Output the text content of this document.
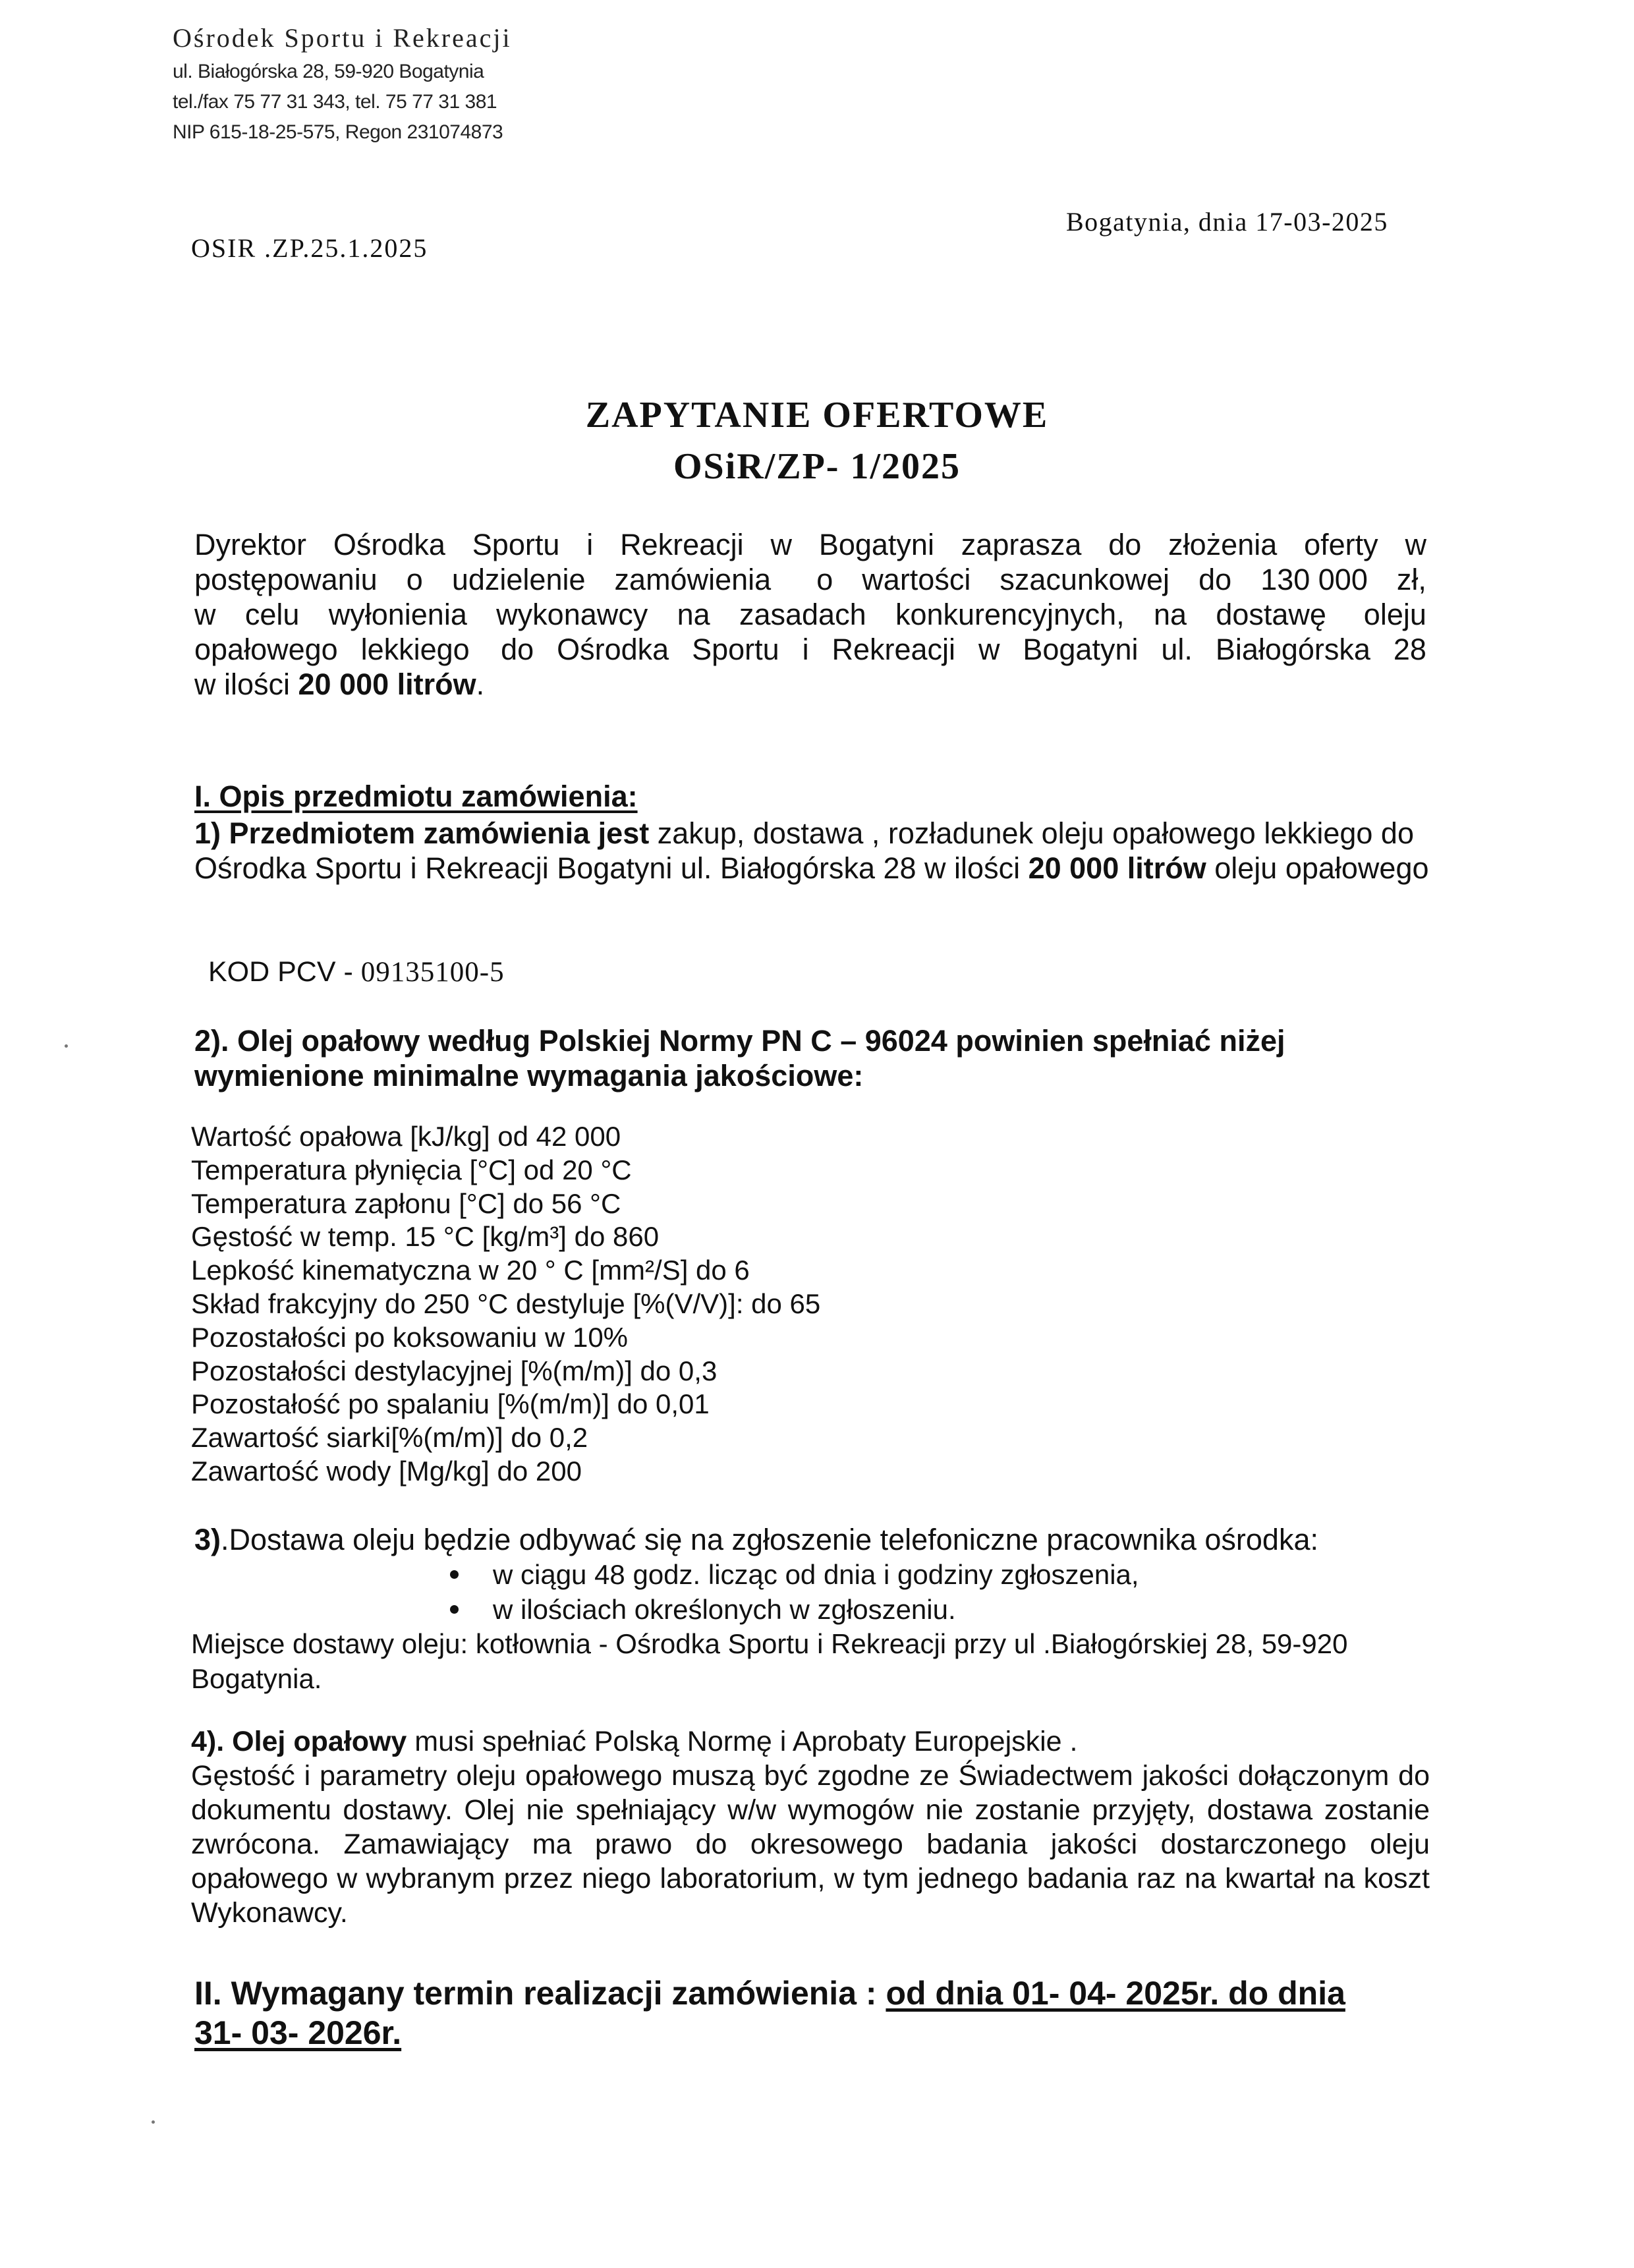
Ośrodek Sportu i Rekreacji
ul. Białogórska 28, 59-920 Bogatynia
tel./fax 75 77 31 343, tel. 75 77 31 381
NIP 615-18-25-575, Regon 231074873
Bogatynia, dnia 17-03-2025
OSIR .ZP.25.1.2025
ZAPYTANIE OFERTOWE
OSiR/ZP- 1/2025
Dyrektor Ośrodka Sportu i Rekreacji w Bogatyni zaprasza do złożenia oferty w
postępowaniu o udzielenie zamówienia o wartości szacunkowej do 130 000 zł,
w celu wyłonienia wykonawcy na zasadach konkurencyjnych, na dostawę oleju
opałowego lekkiego do Ośrodka Sportu i Rekreacji w Bogatyni ul. Białogórska 28
w ilości 20 000 litrów.
I. Opis przedmiotu zamówienia:
1) Przedmiotem zamówienia jest zakup, dostawa , rozładunek oleju opałowego lekkiego do Ośrodka Sportu i Rekreacji Bogatyni ul. Białogórska 28 w ilości 20 000 litrów oleju opałowego
KOD PCV - 09135100-5
2). Olej opałowy według Polskiej Normy PN C – 96024 powinien spełniać niżej wymienione minimalne wymagania jakościowe:
Wartość opałowa [kJ/kg] od 42 000
Temperatura płynięcia [°C] od 20 °C
Temperatura zapłonu [°C] do 56 °C
Gęstość w temp. 15 °C [kg/m³] do 860
Lepkość kinematyczna w 20 ° C [mm²/S] do 6
Skład frakcyjny do 250 °C destyluje [%(V/V)]: do 65
Pozostałości po koksowaniu w 10%
Pozostałości destylacyjnej [%(m/m)] do 0,3
Pozostałość po spalaniu [%(m/m)] do 0,01
Zawartość siarki[%(m/m)] do 0,2
Zawartość wody [Mg/kg] do 200
3).Dostawa oleju będzie odbywać się na zgłoszenie telefoniczne pracownika ośrodka:
w ciągu 48 godz. licząc od dnia i godziny zgłoszenia,
w ilościach określonych w zgłoszeniu.
Miejsce dostawy oleju: kotłownia - Ośrodka Sportu i Rekreacji przy ul .Białogórskiej 28, 59-920 Bogatynia.
4). Olej opałowy musi spełniać Polską Normę i Aprobaty Europejskie .
Gęstość i parametry oleju opałowego muszą być zgodne ze Świadectwem jakości dołączonym do dokumentu dostawy. Olej nie spełniający w/w wymogów nie zostanie przyjęty, dostawa zostanie zwrócona. Zamawiający ma prawo do okresowego badania jakości dostarczonego oleju opałowego w wybranym przez niego laboratorium, w tym jednego badania raz na kwartał na koszt Wykonawcy.
II. Wymagany termin realizacji zamówienia : od dnia 01- 04- 2025r. do dnia
31- 03- 2026r.
